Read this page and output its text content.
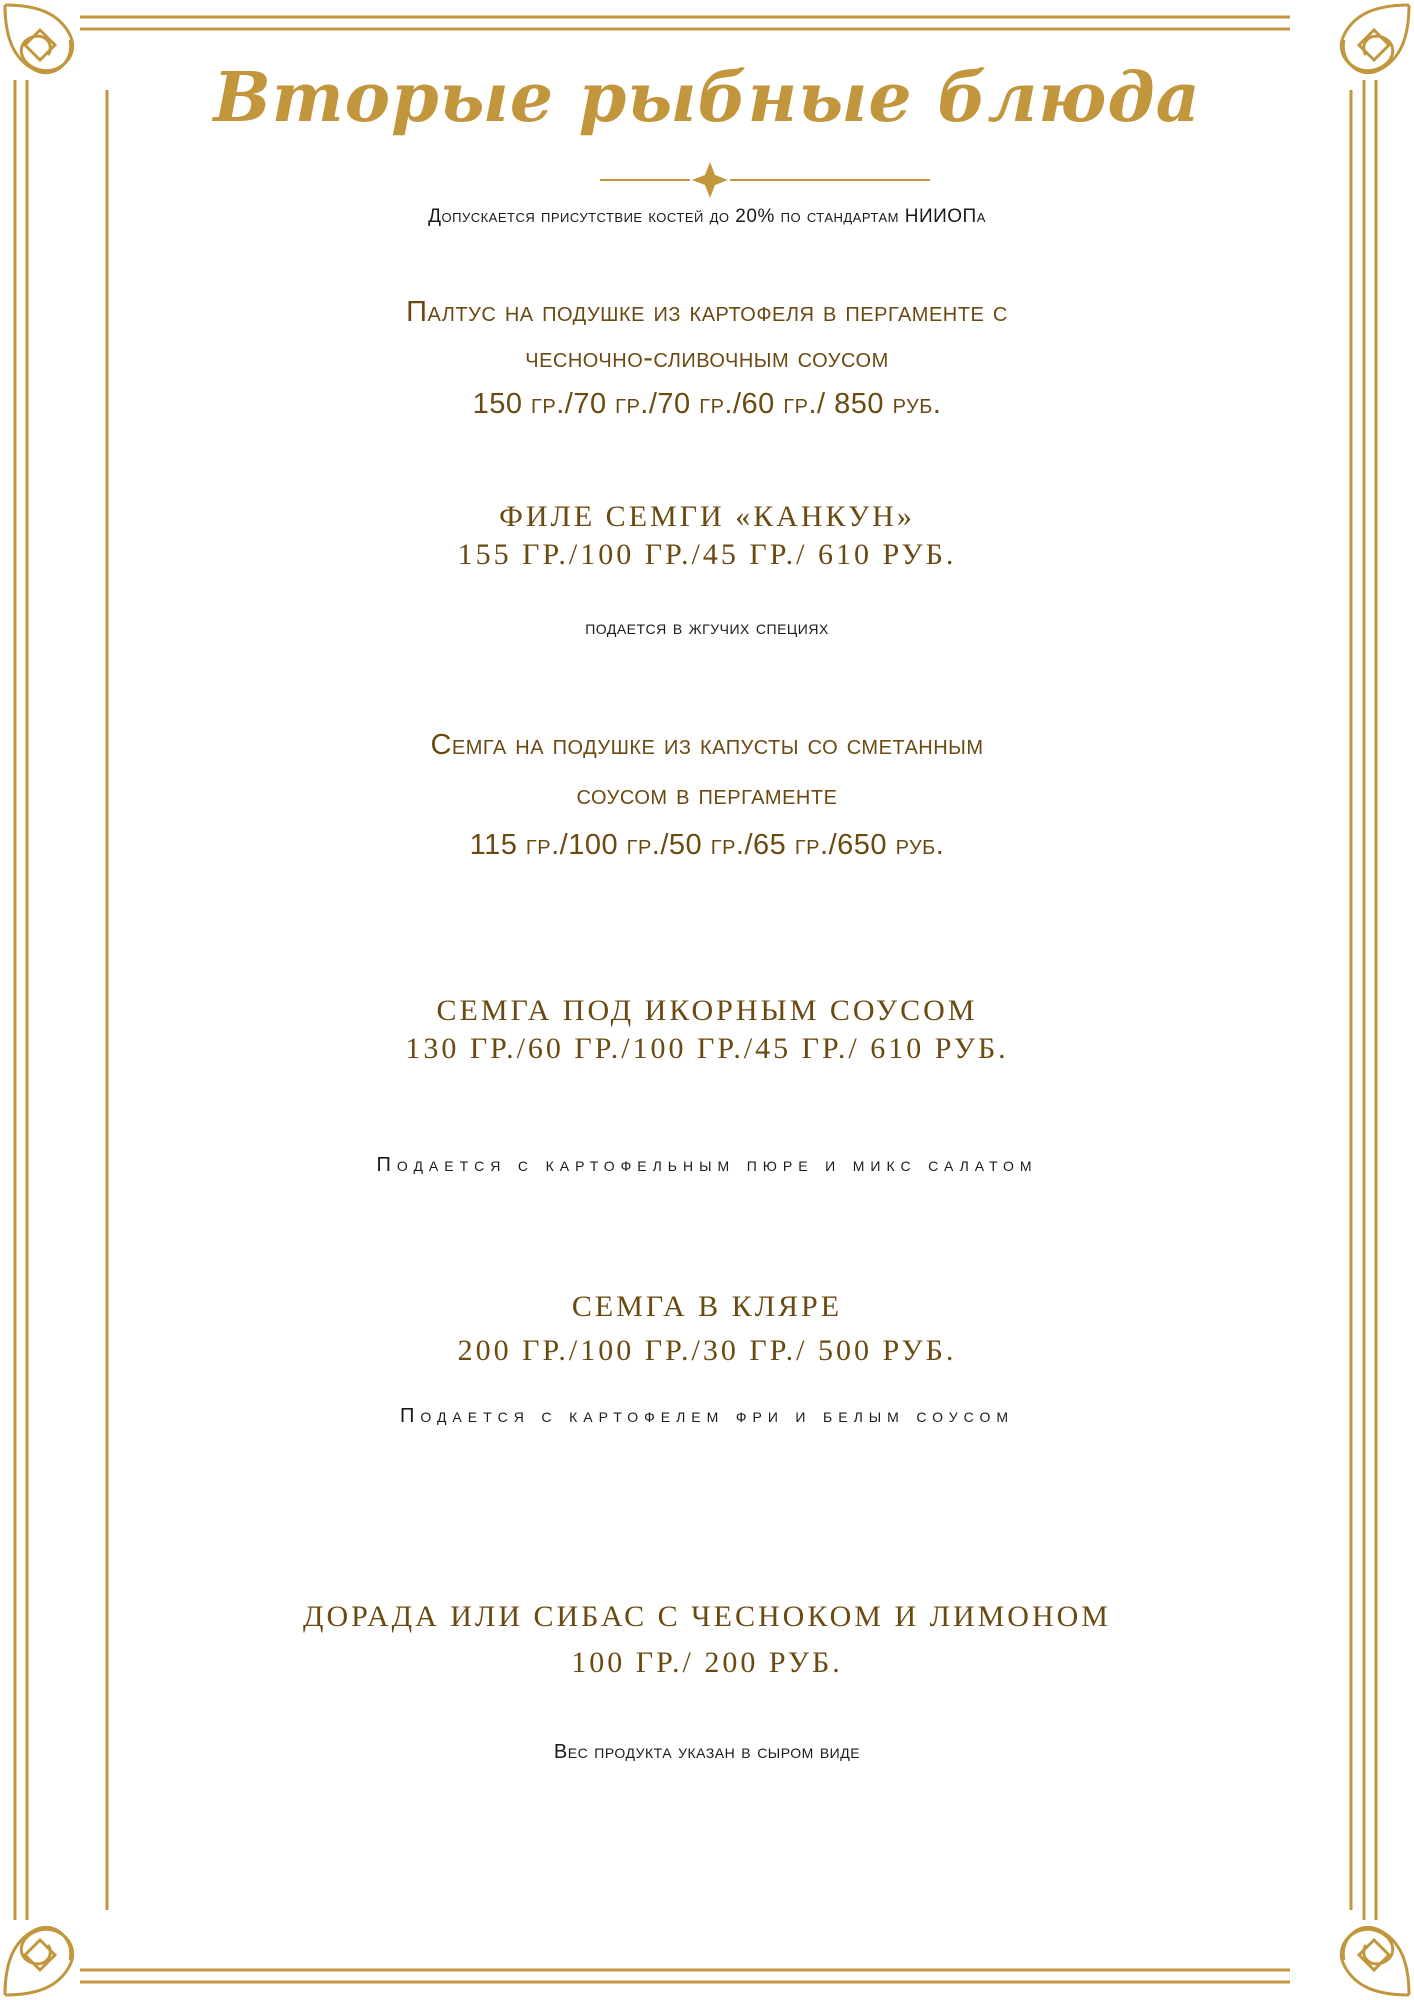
Вторые рыбные блюда

Допускается присутствие костей до 20% по стандартам НИИОПа

Палтус на подушке из картофеля в пергаменте с
чесночно-сливочным соусом
150 гр./70 гр./70 гр./60 гр./ 850 руб.
ФИЛЕ СЕМГИ «КАНКУН»
155 ГР./100 ГР./45 ГР./ 610 РУБ.

подается в жгучих специях

Семга на подушке из капусты со сметанным
соусом в пергаменте
115 гр./100 гр./50 гр./65 гр./650 руб.
СЕМГА ПОД ИКОРНЫМ СОУСОМ
130 ГР./60 ГР./100 ГР./45 ГР./ 610 РУБ.

Подается с картофельным пюре и микс салатом

СЕМГА В КЛЯРЕ
200 ГР./100 ГР./30 ГР./ 500 РУБ.

Подается с картофелем фри и белым соусом

ДОРАДА ИЛИ СИБАС С ЧЕСНОКОМ И ЛИМОНОМ
100 ГР./ 200 РУБ.

Вес продукта указан в сыром виде
